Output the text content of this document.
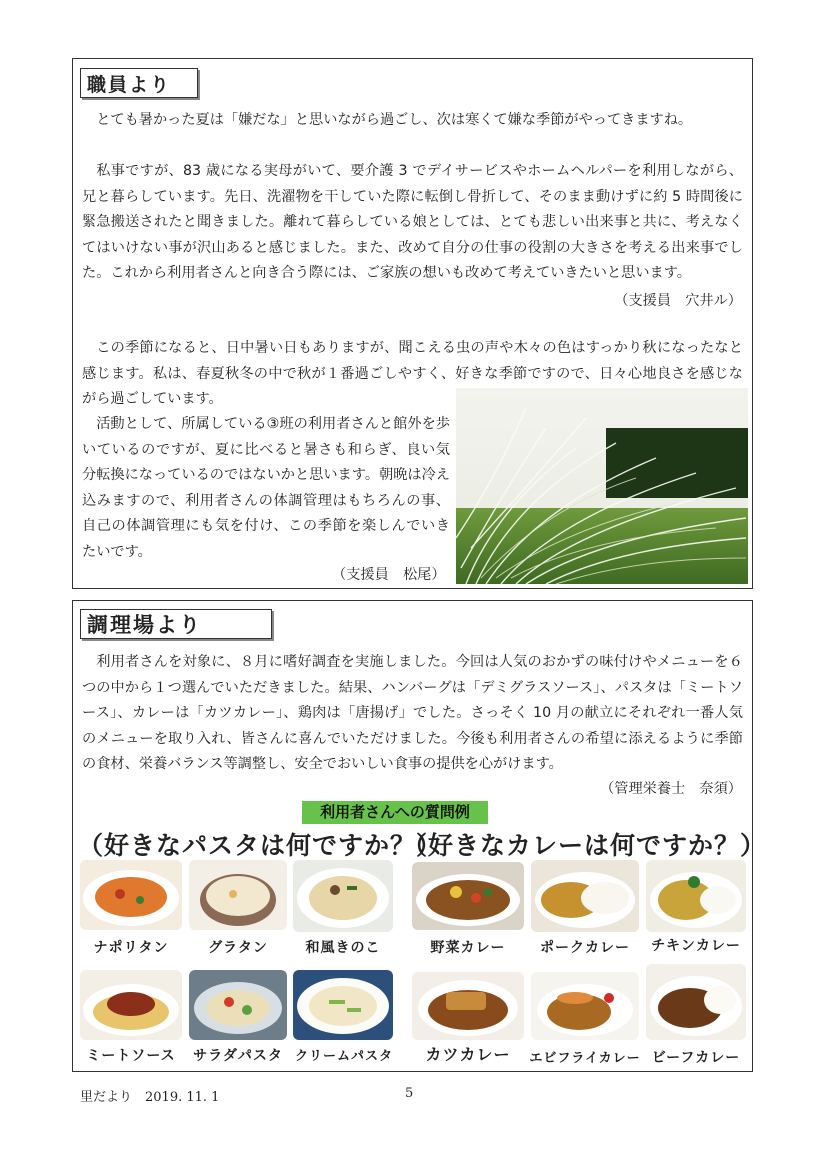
職員より

とても暑かった夏は「嫌だな」と思いながら過ごし、次は寒くて嫌な季節がやってきますね。

私事ですが、83 歳になる実母がいて、要介護 3 でデイサービスやホームヘルパーを利用しながら、兄と暮らしています。先日、洗濯物を干していた際に転倒し骨折して、そのまま動けずに約 5 時間後に緊急搬送されたと聞きました。離れて暮らしている娘としては、とても悲しい出来事と共に、考えなくてはいけない事が沢山あると感じました。また、改めて自分の仕事の役割の大きさを考える出来事でした。これから利用者さんと向き合う際には、ご家族の想いも改めて考えていきたいと思います。

（支援員　穴井ル）

この季節になると、日中暑い日もありますが、聞こえる虫の声や木々の色はすっかり秋になったなと感じます。私は、春夏秋冬の中で秋が１番過ごしやすく、好きな季節ですので、日々心地良さを感じながら過ごしています。

活動として、所属している③班の利用者さんと館外を歩いているのですが、夏に比べると暑さも和らぎ、良い気分転換になっているのではないかと思います。朝晩は冷え込みますので、利用者さんの体調管理はもちろんの事、自己の体調管理にも気を付け、この季節を楽しんでいきたいです。

（支援員　松尾）
調理場より

利用者さんを対象に、８月に嗜好調査を実施しました。今回は人気のおかずの味付けやメニューを６つの中から１つ選んでいただきました。結果、ハンバーグは「デミグラスソース」、パスタは「ミートソース」、カレーは「カツカレー」、鶏肉は「唐揚げ」でした。さっそく 10 月の献立にそれぞれ一番人気のメニューを取り入れ、皆さんに喜んでいただけました。今後も利用者さんの希望に添えるように季節の食材、栄養バランス等調整し、安全でおいしい食事の提供を心がけます。

（管理栄養士　奈須）
利用者さんへの質問例
（好きなパスタは何ですか？）
（好きなカレーは何ですか？）
ナポリタン	グラタン	和風きのこ	野菜カレー	ポークカレー	チキンカレー
ミートソース	サラダパスタ クリームパスタ	カツカレー	エビフライカレー ビーフカレー
里だより　2019. 11. 1	5
